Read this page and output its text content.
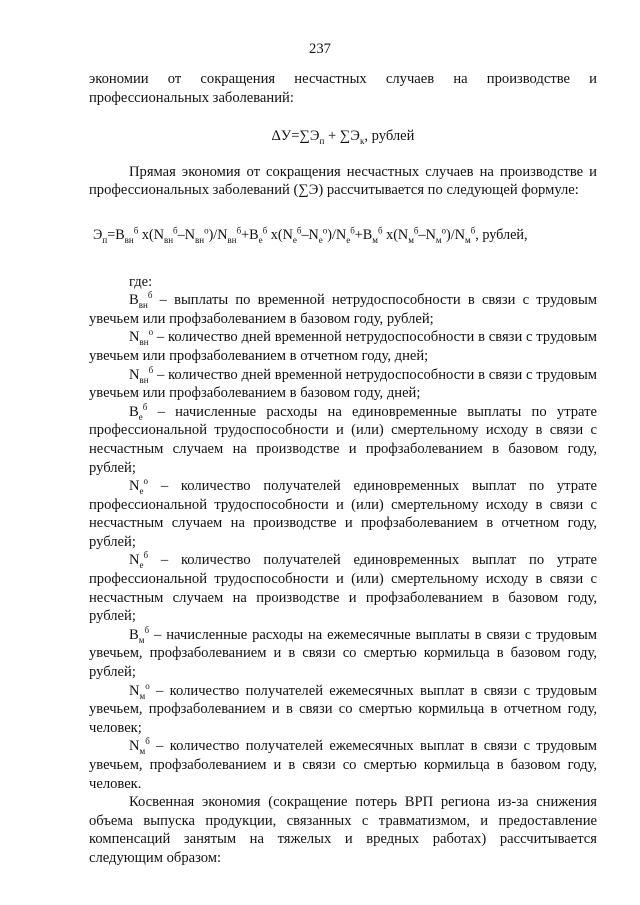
237

экономии от сокращения несчастных случаев на производстве и профессиональных заболеваний:

$\Delta У=\sum Э_п + \sum Э_к$, рублей

Прямая экономия от сокращения несчастных случаев на производстве и профессиональных заболеваний (∑Э) рассчитывается по следующей формуле:

$Э_п=В_{вн}^б$ $х(N_{вн}^б-N_{вн}^о)/N_{вн}^б+В_е^б$ $х(N_е^б-N_е^о)/N_е^б+В_м^б$ $х(N_м^б-N_м^о)/N_м^б$, рублей,

где:

$В_{вн}^б$ – выплаты по временной нетрудоспособности в связи с трудовым увечьем или профзаболеванием в базовом году, рублей;

$N_{вн}^о$ – количество дней временной нетрудоспособности в связи с трудовым увечьем или профзаболеванием в отчетном году, дней;

$N_{вн}^б$ – количество дней временной нетрудоспособности в связи с трудовым увечьем или профзаболеванием в базовом году, дней;

$В_е^б$ – начисленные расходы на единовременные выплаты по утрате профессиональной трудоспособности и (или) смертельному исходу в связи с несчастным случаем на производстве и профзаболеванием в базовом году, рублей;

$N_е^о$ – количество получателей единовременных выплат по утрате профессиональной трудоспособности и (или) смертельному исходу в связи с несчастным случаем на производстве и профзаболеванием в отчетном году, рублей;

$N_е^б$ – количество получателей единовременных выплат по утрате профессиональной трудоспособности и (или) смертельному исходу в связи с несчастным случаем на производстве и профзаболеванием в базовом году, рублей;

$В_м^б$ – начисленные расходы на ежемесячные выплаты в связи с трудовым увечьем, профзаболеванием и в связи со смертью кормильца в базовом году, рублей;

$N_м^о$ – количество получателей ежемесячных выплат в связи с трудовым увечьем, профзаболеванием и в связи со смертью кормильца в отчетном году, человек;

$N_м^б$ – количество получателей ежемесячных выплат в связи с трудовым увечьем, профзаболеванием и в связи со смертью кормильца в базовом году, человек.

Косвенная экономия (сокращение потерь ВРП региона из-за снижения объема выпуска продукции, связанных с травматизмом, и предоставление компенсаций занятым на тяжелых и вредных работах) рассчитывается следующим образом:
